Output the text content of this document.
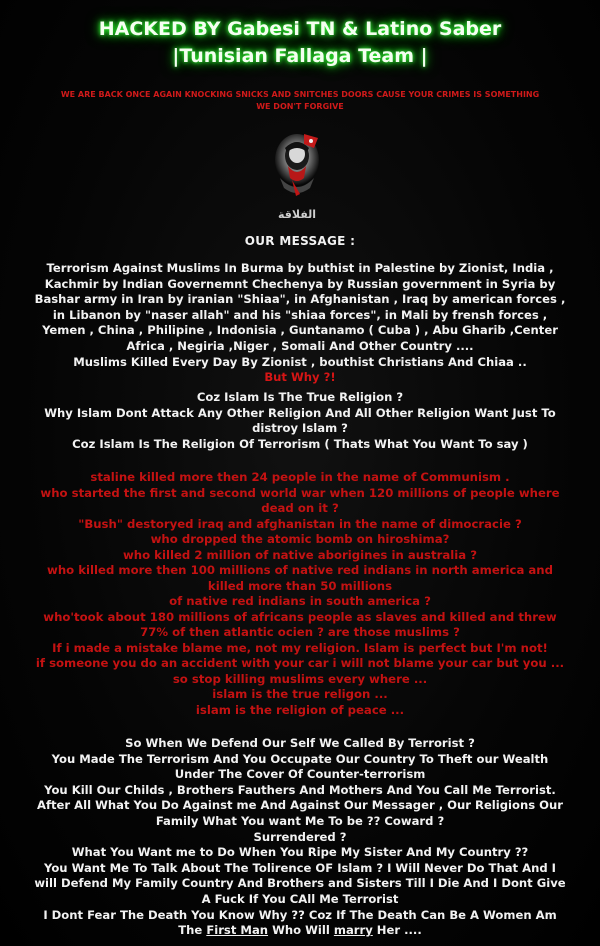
HACKED BY Gabesi TN & Latino Saber
|Tunisian Fallaga Team |
WE ARE BACK ONCE AGAIN KNOCKING SNICKS AND SNITCHES DOORS CAUSE YOUR CRIMES IS SOMETHING
WE DON'T FORGIVE
الفلاقة
OUR MESSAGE :
Terrorism Against Muslims In Burma by buthist in Palestine by Zionist, India ,
Kachmir by Indian Governemnt Chechenya by Russian government in Syria by
Bashar army in Iran by iranian "Shiaa", in Afghanistan , Iraq by american forces ,
in Libanon by "naser allah" and his "shiaa forces", in Mali by frensh forces ,
Yemen , China , Philipine , Indonisia , Guntanamo ( Cuba ) , Abu Gharib ,Center
Africa , Negiria ,Niger , Somali And Other Country ....
Muslims Killed Every Day By Zionist , bouthist Christians And Chiaa ..
But Why ?!
Coz Islam Is The True Religion ?
Why Islam Dont Attack Any Other Religion And All Other Religion Want Just To
distroy Islam ?
Coz Islam Is The Religion Of Terrorism ( Thats What You Want To say )
staline killed more then 24 people in the name of Communism .
who started the first and second world war when 120 millions of people where
dead on it ?
"Bush" destoryed iraq and afghanistan in the name of dimocracie ?
who dropped the atomic bomb on hiroshima?
who killed 2 million of native aborigines in australia ?
who killed more then 100 millions of native red indians in north america and
killed more than 50 millions
of native red indians in south america ?
who'took about 180 millions of africans people as slaves and killed and threw
77% of then atlantic ocien ? are those muslims ?
If i made a mistake blame me, not my religion. Islam is perfect but I'm not!
if someone you do an accident with your car i will not blame your car but you ...
so stop killing muslims every where ...
islam is the true religon ...
islam is the religion of peace ...
So When We Defend Our Self We Called By Terrorist ?
You Made The Terrorism And You Occupate Our Country To Theft our Wealth
Under The Cover Of Counter-terrorism
You Kill Our Childs , Brothers Fauthers And Mothers And You Call Me Terrorist.
After All What You Do Against me And Against Our Messager , Our Religions Our
Family What You want Me To be ?? Coward ?
Surrendered ?
What You Want me to Do When You Ripe My Sister And My Country ??
You Want Me To Talk About The Tolirence OF Islam ? I Will Never Do That And I
will Defend My Family Country And Brothers and Sisters Till I Die And I Dont Give
A Fuck If You CAll Me Terrorist
I Dont Fear The Death You Know Why ?? Coz If The Death Can Be A Women Am
The First Man Who Will marry Her ....
